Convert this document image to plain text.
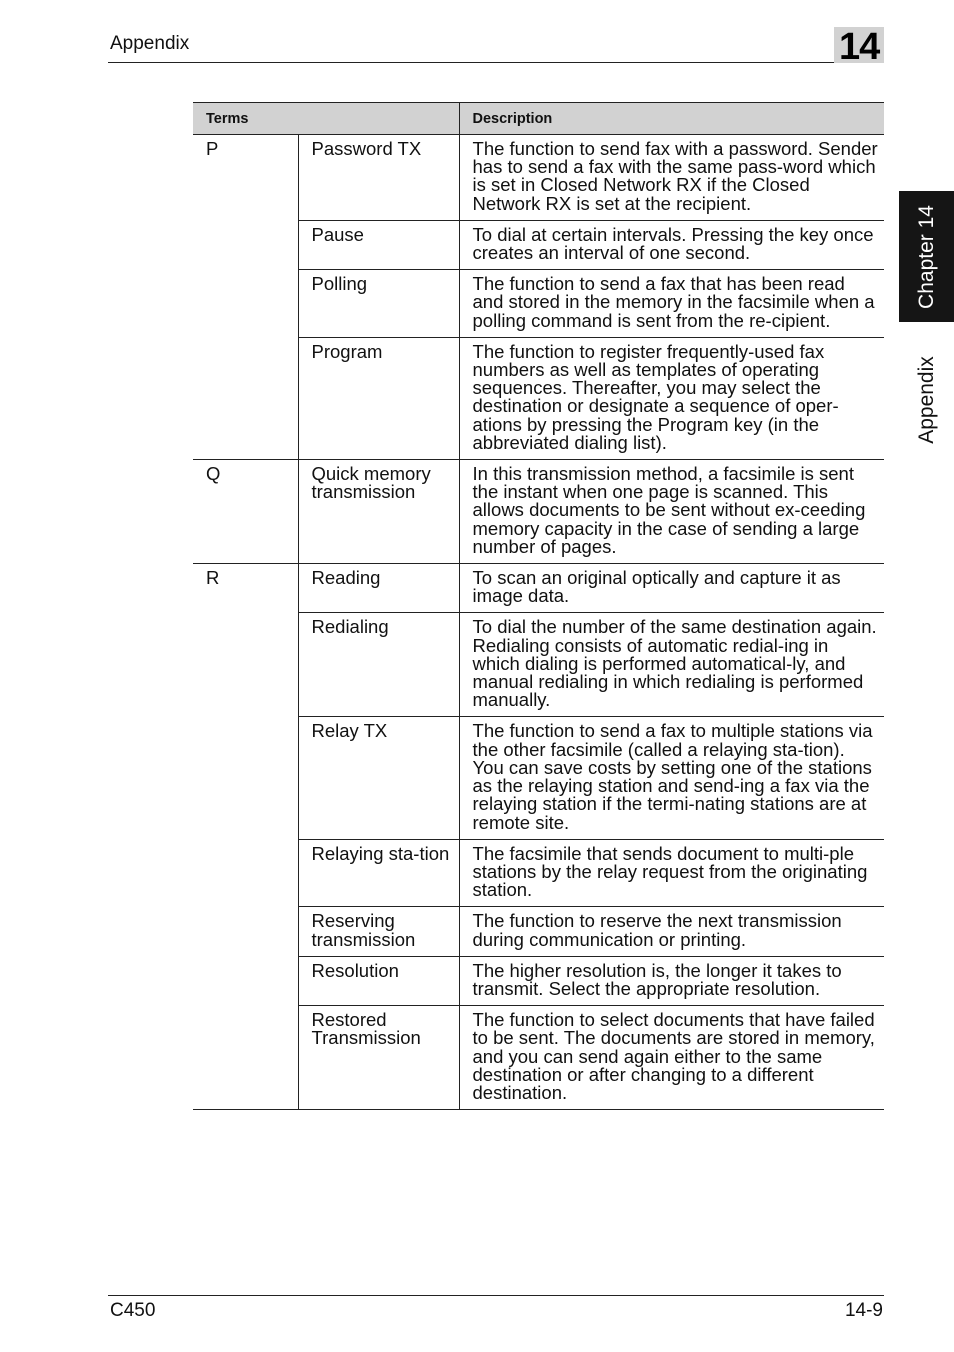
Appendix	14
Chapter 14
Appendix
Terms		Description
P	Password TX	The function to send fax with a password. Sender has to send a fax with the same pass-word which is set in Closed Network RX if the Closed Network RX is set at the recipient.
	Pause	To dial at certain intervals. Pressing the key once creates an interval of one second.
	Polling	The function to send a fax that has been read and stored in the memory in the facsimile when a polling command is sent from the re-cipient.
	Program	The function to register frequently-used fax numbers as well as templates of operating sequences. Thereafter, you may select the destination or designate a sequence of oper-ations by pressing the Program key (in the abbreviated dialing list).
Q	Quick memory transmission	In this transmission method, a facsimile is sent the instant when one page is scanned. This allows documents to be sent without ex-ceeding memory capacity in the case of sending a large number of pages.
R	Reading	To scan an original optically and capture it as image data.
	Redialing	To dial the number of the same destination again. Redialing consists of automatic redial-ing in which dialing is performed automatical-ly, and manual redialing in which redialing is performed manually.
	Relay TX	The function to send a fax to multiple stations via the other facsimile (called a relaying sta-tion). You can save costs by setting one of the stations as the relaying station and send-ing a fax via the relaying station if the termi-nating stations are at remote site.
	Relaying sta-tion	The facsimile that sends document to multi-ple stations by the relay request from the originating station.
	Reserving transmission	The function to reserve the next transmission during communication or printing.
	Resolution	The higher resolution is, the longer it takes to transmit. Select the appropriate resolution.
	Restored Transmission	The function to select documents that have failed to be sent. The documents are stored in memory, and you can send again either to the same destination or after changing to a different destination.
C450	14-9
